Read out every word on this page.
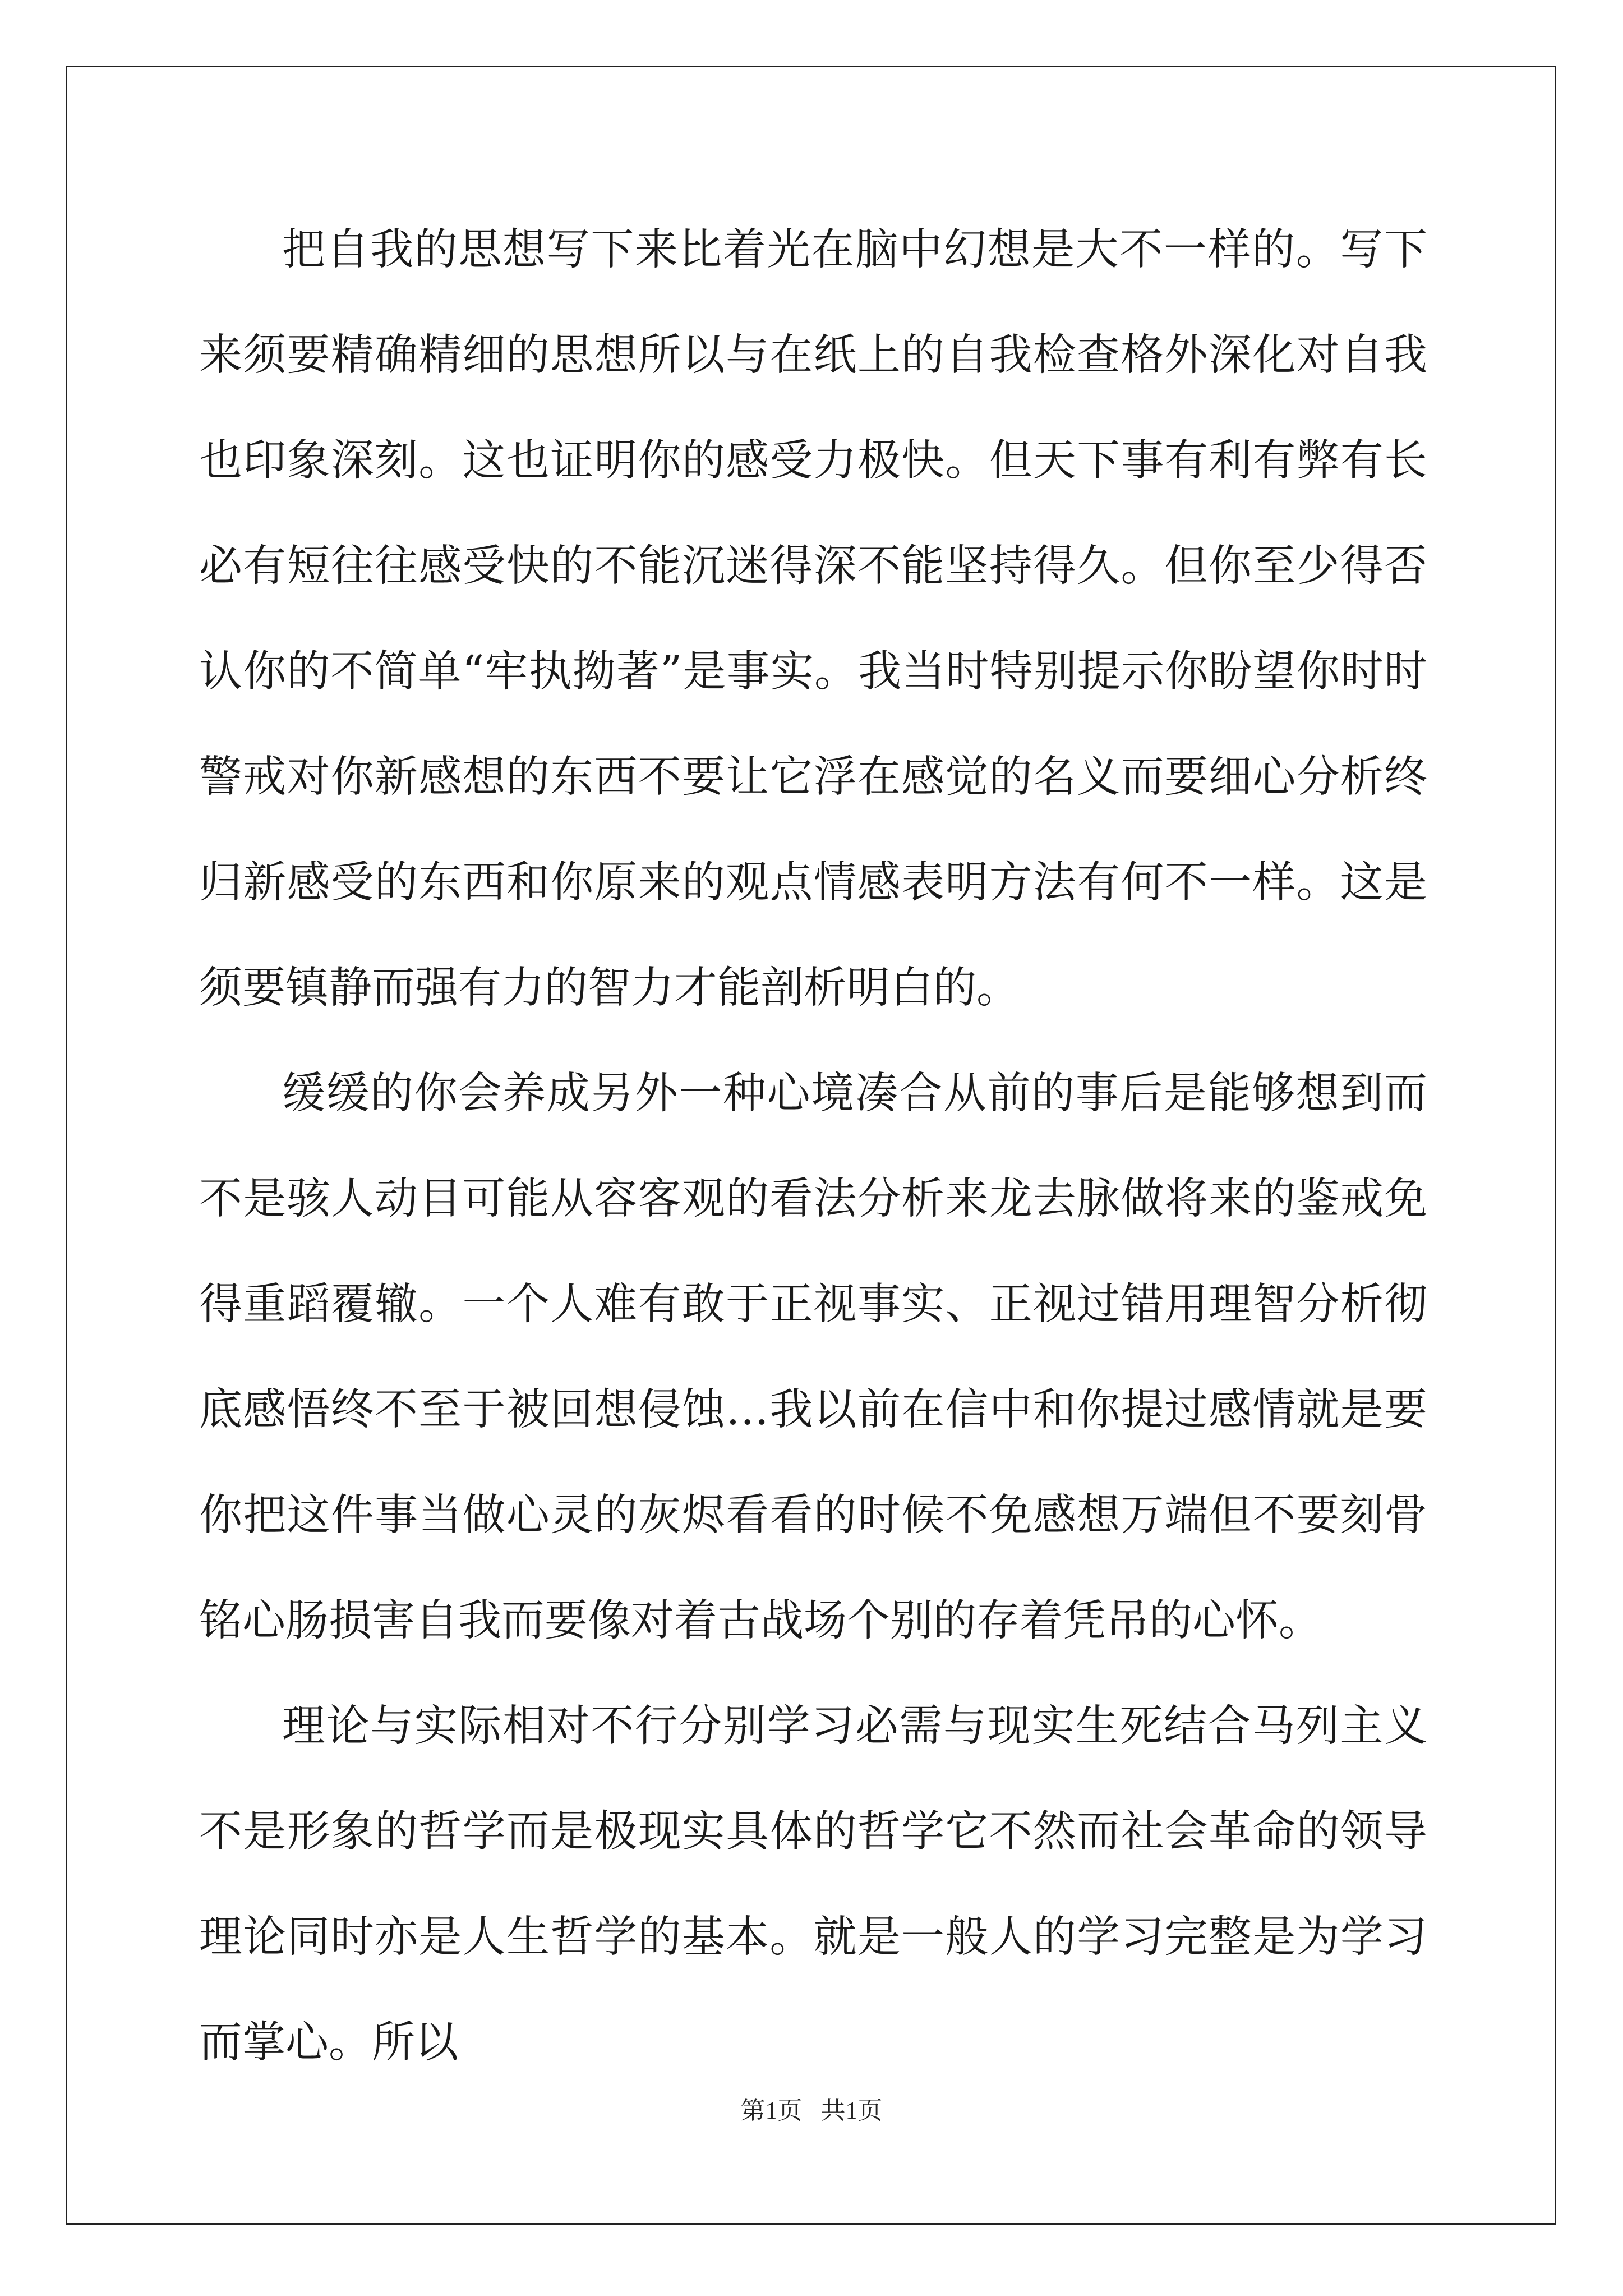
把自我的思想写下来比着光在脑中幻想是大不一样的。写下来须要精确精细的思想所以与在纸上的自我检查格外深化对自我也印象深刻。这也证明你的感受力极快。但天下事有利有弊有长必有短往往感受快的不能沉迷得深不能坚持得久。但你至少得否认你的不简单“牢执拗著”是事实。我当时特别提示你盼望你时时警戒对你新感想的东西不要让它浮在感觉的名义而要细心分析终归新感受的东西和你原来的观点情感表明方法有何不一样。这是须要镇静而强有力的智力才能剖析明白的。

缓缓的你会养成另外一种心境凑合从前的事后是能够想到而不是骇人动目可能从容客观的看法分析来龙去脉做将来的鉴戒免得重蹈覆辙。一个人难有敢于正视事实、正视过错用理智分析彻底感悟终不至于被回想侵蚀…我以前在信中和你提过感情就是要你把这件事当做心灵的灰烬看看的时候不免感想万端但不要刻骨铭心肠损害自我而要像对着古战场个别的存着凭吊的心怀。

理论与实际相对不行分别学习必需与现实生死结合马列主义不是形象的哲学而是极现实具体的哲学它不然而社会革命的领导理论同时亦是人生哲学的基本。就是一般人的学习完整是为学习而掌心。所以

第1页   共1页
